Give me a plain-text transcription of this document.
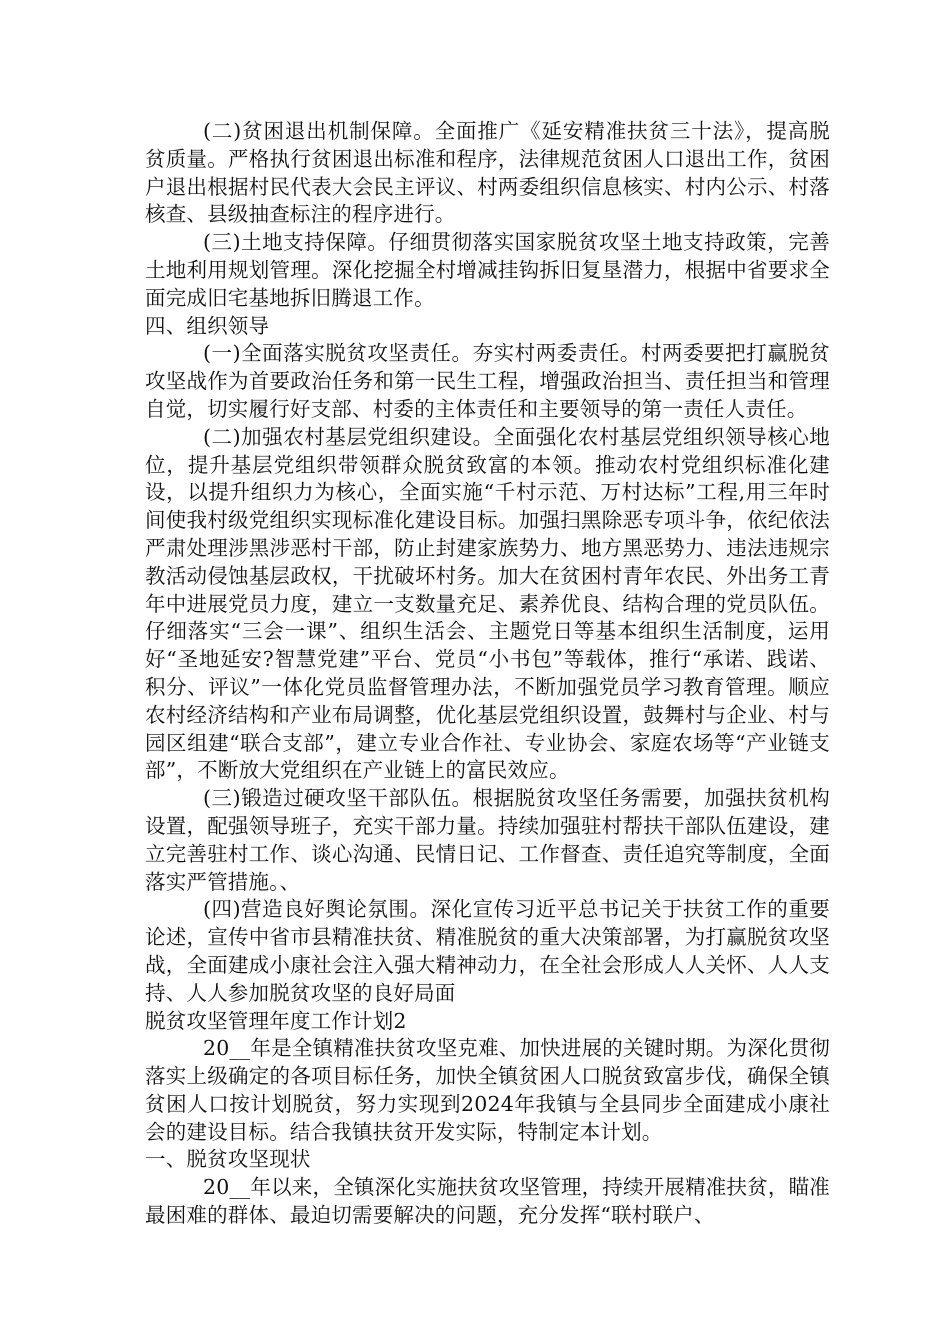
(二)贫困退出机制保障。全面推广《延安精准扶贫三十法》，提高脱贫质量。严格执行贫困退出标准和程序，法律规范贫困人口退出工作，贫困户退出根据村民代表大会民主评议、村两委组织信息核实、村内公示、村落核查、县级抽查标注的程序进行。

(三)土地支持保障。仔细贯彻落实国家脱贫攻坚土地支持政策，完善土地利用规划管理。深化挖掘全村增减挂钩拆旧复垦潜力，根据中省要求全面完成旧宅基地拆旧腾退工作。

四、组织领导

(一)全面落实脱贫攻坚责任。夯实村两委责任。村两委要把打赢脱贫攻坚战作为首要政治任务和第一民生工程，增强政治担当、责任担当和管理自觉，切实履行好支部、村委的主体责任和主要领导的第一责任人责任。

(二)加强农村基层党组织建设。全面强化农村基层党组织领导核心地位，提升基层党组织带领群众脱贫致富的本领。推动农村党组织标准化建设，以提升组织力为核心，全面实施“千村示范、万村达标”工程,用三年时间使我村级党组织实现标准化建设目标。加强扫黑除恶专项斗争，依纪依法严肃处理涉黑涉恶村干部，防止封建家族势力、地方黑恶势力、违法违规宗教活动侵蚀基层政权，干扰破坏村务。加大在贫困村青年农民、外出务工青年中进展党员力度，建立一支数量充足、素养优良、结构合理的党员队伍。仔细落实“三会一课”、组织生活会、主题党日等基本组织生活制度，运用好“圣地延安?智慧党建”平台、党员“小书包”等载体，推行“承诺、践诺、积分、评议”一体化党员监督管理办法，不断加强党员学习教育管理。顺应农村经济结构和产业布局调整，优化基层党组织设置，鼓舞村与企业、村与园区组建“联合支部”，建立专业合作社、专业协会、家庭农场等“产业链支部”，不断放大党组织在产业链上的富民效应。

(三)锻造过硬攻坚干部队伍。根据脱贫攻坚任务需要，加强扶贫机构设置，配强领导班子，充实干部力量。持续加强驻村帮扶干部队伍建设，建立完善驻村工作、谈心沟通、民情日记、工作督查、责任追究等制度，全面落实严管措施。、

(四)营造良好舆论氛围。深化宣传习近平总书记关于扶贫工作的重要论述，宣传中省市县精准扶贫、精准脱贫的重大决策部署，为打赢脱贫攻坚战，全面建成小康社会注入强大精神动力，在全社会形成人人关怀、人人支持、人人参加脱贫攻坚的良好局面

脱贫攻坚管理年度工作计划2

20__年是全镇精准扶贫攻坚克难、加快进展的关键时期。为深化贯彻落实上级确定的各项目标任务，加快全镇贫困人口脱贫致富步伐，确保全镇贫困人口按计划脱贫，努力实现到2024年我镇与全县同步全面建成小康社会的建设目标。结合我镇扶贫开发实际，特制定本计划。

一、脱贫攻坚现状

20__年以来，全镇深化实施扶贫攻坚管理，持续开展精准扶贫，瞄准最困难的群体、最迫切需要解决的问题，充分发挥“联村联户、
